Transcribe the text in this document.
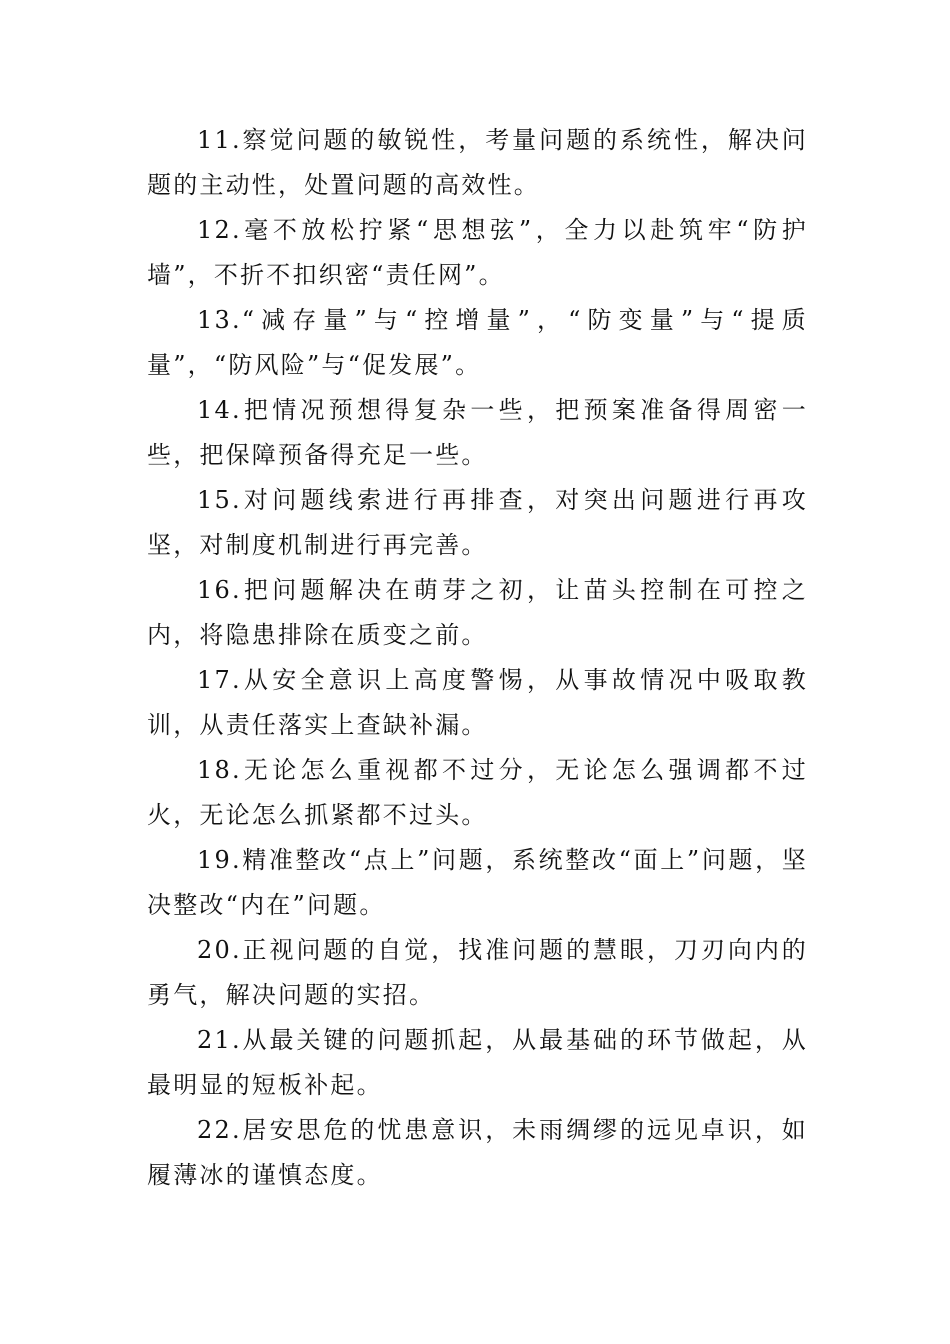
11.察觉问题的敏锐性，考量问题的系统性，解决问题的主动性，处置问题的高效性。

12.毫不放松拧紧“思想弦”，全力以赴筑牢“防护墙”，不折不扣织密“责任网”。

13.“减存量”与“控增量”，“防变量”与“提质量”，“防风险”与“促发展”。

14.把情况预想得复杂一些，把预案准备得周密一些，把保障预备得充足一些。

15.对问题线索进行再排查，对突出问题进行再攻坚，对制度机制进行再完善。

16.把问题解决在萌芽之初，让苗头控制在可控之内，将隐患排除在质变之前。

17.从安全意识上高度警惕，从事故情况中吸取教训，从责任落实上查缺补漏。

18.无论怎么重视都不过分，无论怎么强调都不过火，无论怎么抓紧都不过头。

19.精准整改“点上”问题，系统整改“面上”问题，坚决整改“内在”问题。

20.正视问题的自觉，找准问题的慧眼，刀刃向内的勇气，解决问题的实招。

21.从最关键的问题抓起，从最基础的环节做起，从最明显的短板补起。

22.居安思危的忧患意识，未雨绸缪的远见卓识，如履薄冰的谨慎态度。
